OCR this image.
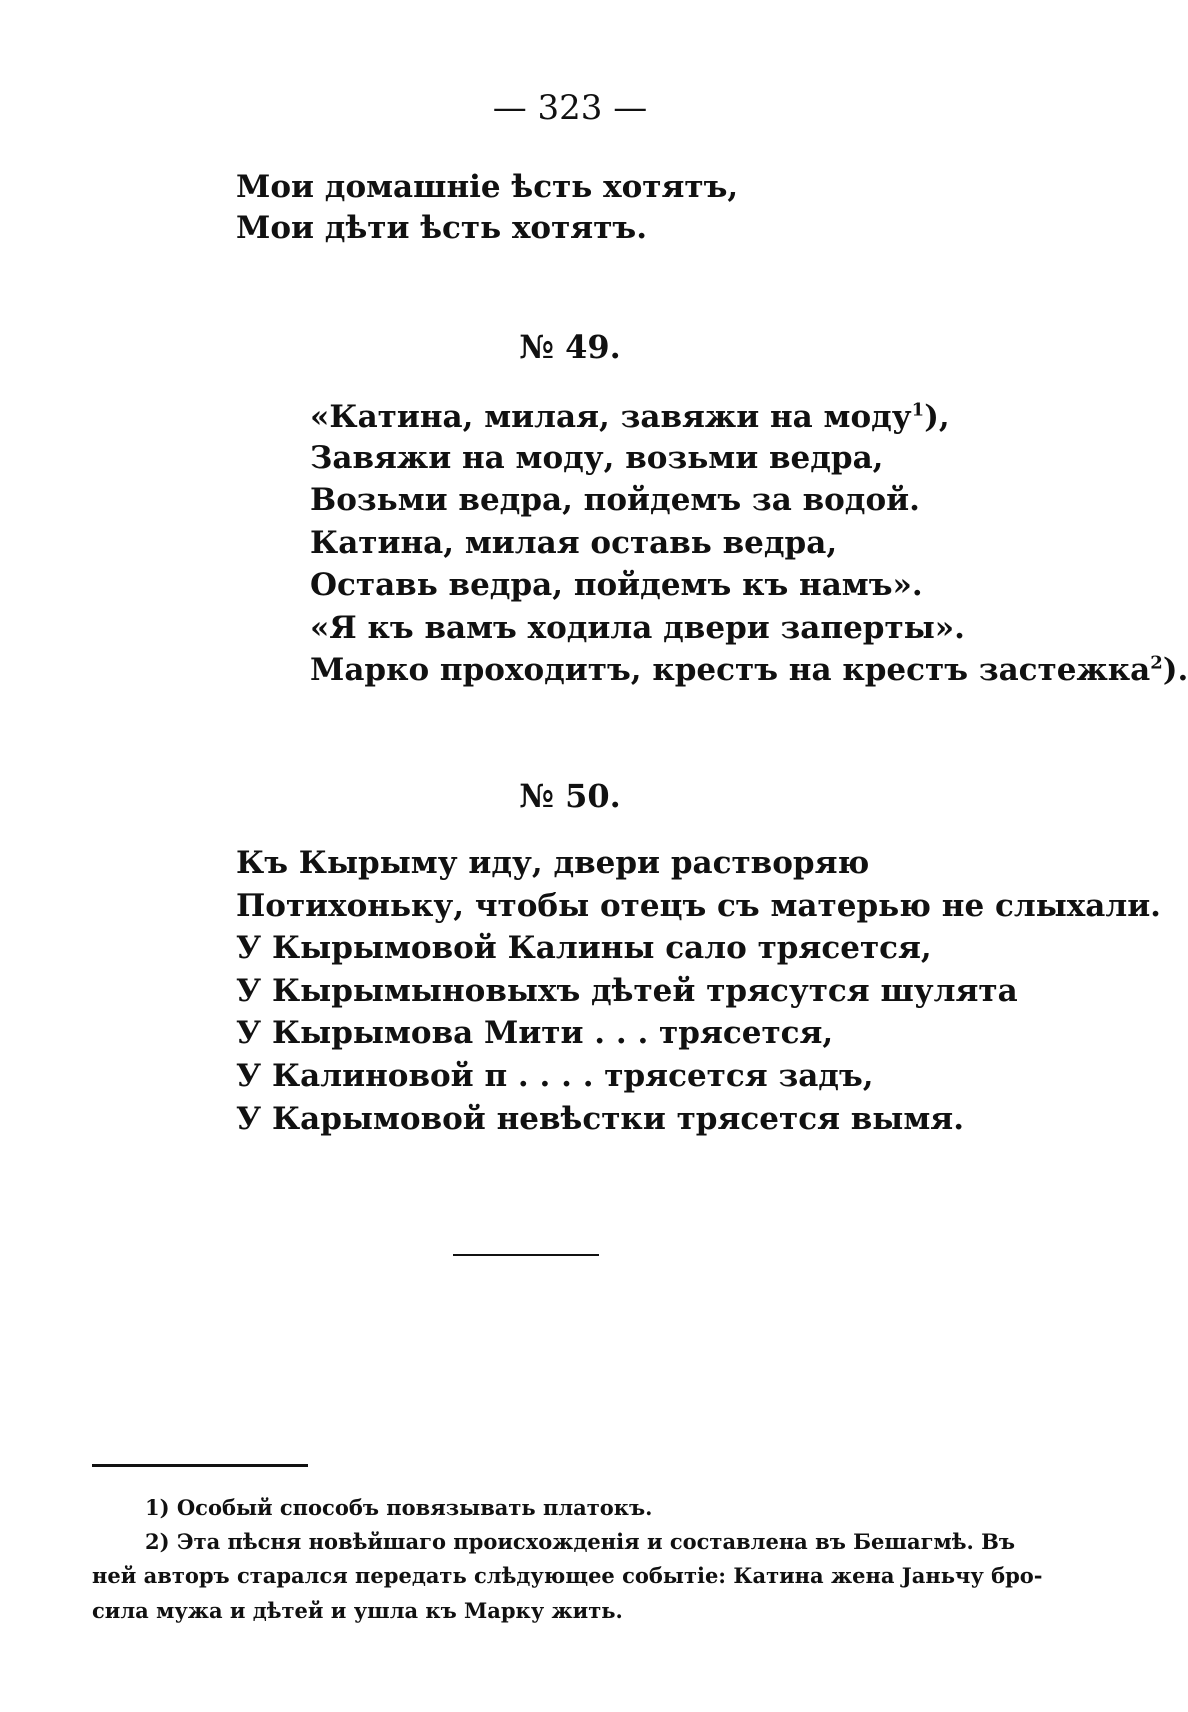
— 323 —
Мои домашніе ѣсть хотятъ,
Мои дѣти ѣсть хотятъ.
№ 49.
«Катина, милая, завяжи на моду$^1$),
Завяжи на моду, возьми ведра,
Возьми ведра, пойдемъ за водой.
Катина, милая оставь ведра,
Оставь ведра, пойдемъ къ намъ».
«Я къ вамъ ходила двери заперты».
Марко проходитъ, крестъ на крестъ застежка$^2$).
№ 50.
Къ Кырыму иду, двери растворяю
Потихоньку, чтобы отецъ съ матерью не слыхали.
У Кырымовой Калины сало трясется,
У Кырымыновыхъ дѣтей трясутся шулята
У Кырымова Мити . . . трясется,
У Калиновой п . . . . трясется задъ,
У Карымовой невѣстки трясется вымя.
1) Особый способъ повязывать платокъ.
2) Эта пѣсня новѣйшаго происхожденія и составлена въ Бешагмѣ. Въ
ней авторъ старался передать слѣдующее событіе: Катина жена Јаньчу бро-
сила мужа и дѣтей и ушла къ Марку жить.
